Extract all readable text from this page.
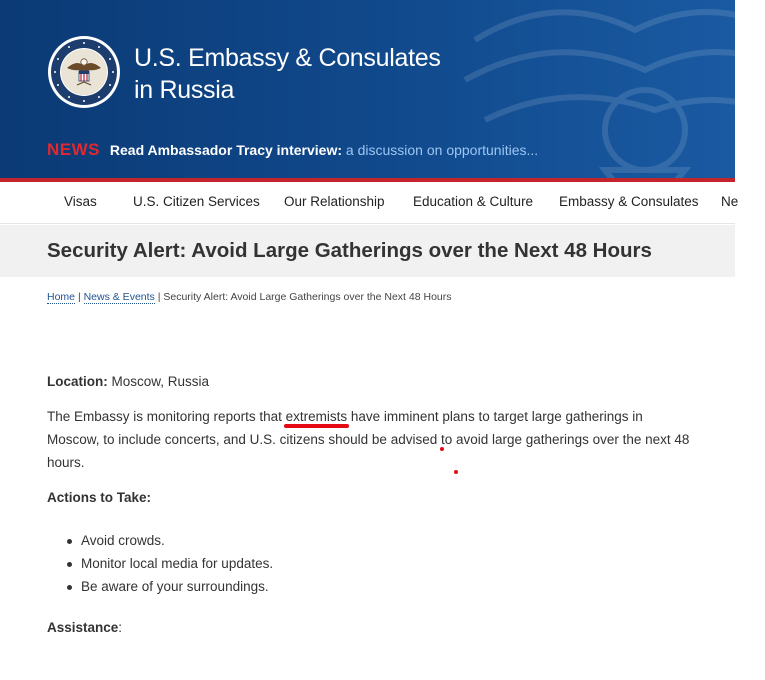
U.S. Embassy & Consulates
in Russia
NEWS Read Ambassador Tracy interview: a discussion on opportunities...
Visas	U.S. Citizen Services Our Relationship Education & Culture Embassy & Consulates Ne
Security Alert: Avoid Large Gatherings over the Next 48 Hours
Home | News & Events | Security Alert: Avoid Large Gatherings over the Next 48 Hours

Location: Moscow, Russia

The Embassy is monitoring reports that extremists have imminent plans to target large gatherings in Moscow, to include concerts, and U.S. citizens should be advised to avoid large gatherings over the next 48 hours.

Actions to Take:

Avoid crowds.
Monitor local media for updates.
Be aware of your surroundings.

Assistance:
